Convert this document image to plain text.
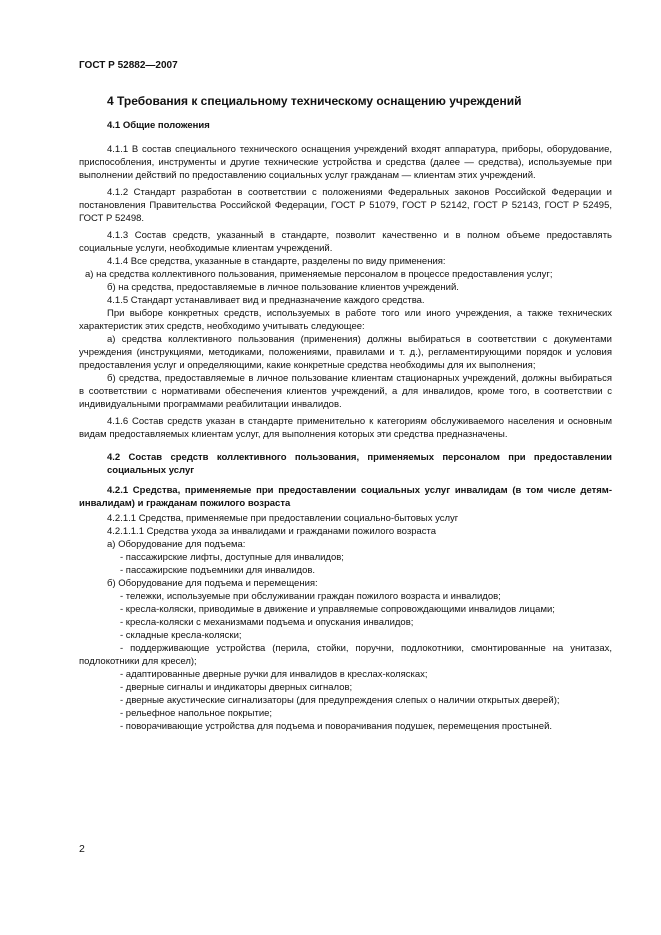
ГОСТ Р 52882—2007
4 Требования к специальному техническому оснащению учреждений
4.1 Общие положения

4.1.1 В состав специального технического оснащения учреждений входят аппаратура, приборы, оборудование, приспособления, инструменты и другие технические устройства и средства (далее — средства), используемые при выполнении действий по предоставлению социальных услуг гражданам — клиентам этих учреждений.

4.1.2 Стандарт разработан в соответствии с положениями Федеральных законов Российской Федерации и постановления Правительства Российской Федерации, ГОСТ Р 51079, ГОСТ Р 52142, ГОСТ Р 52143, ГОСТ Р 52495, ГОСТ Р 52498.

4.1.3 Состав средств, указанный в стандарте, позволит качественно и в полном объеме предоставлять социальные услуги, необходимые клиентам учреждений.

4.1.4 Все средства, указанные в стандарте, разделены по виду применения:

а) на средства коллективного пользования, применяемые персоналом в процессе предоставления услуг;

б) на средства, предоставляемые в личное пользование клиентов учреждений.

4.1.5 Стандарт устанавливает вид и предназначение каждого средства.

При выборе конкретных средств, используемых в работе того или иного учреждения, а также технических характеристик этих средств, необходимо учитывать следующее:

а) средства коллективного пользования (применения) должны выбираться в соответствии с документами учреждения (инструкциями, методиками, положениями, правилами и т. д.), регламентирующими порядок и условия предоставления услуг и определяющими, какие конкретные средства необходимы для их выполнения;

б) средства, предоставляемые в личное пользование клиентам стационарных учреждений, должны выбираться в соответствии с нормативами обеспечения клиентов учреждений, а для инвалидов, кроме того, в соответствии с индивидуальными программами реабилитации инвалидов.

4.1.6 Состав средств указан в стандарте применительно к категориям обслуживаемого населения и основным видам предоставляемых клиентам услуг, для выполнения которых эти средства предназначены.

4.2 Состав средств коллективного пользования, применяемых персоналом при предоставлении социальных услуг
4.2.1 Средства, применяемые при предоставлении социальных услуг инвалидам (в том числе детям-инвалидам) и гражданам пожилого возраста

4.2.1.1 Средства, применяемые при предоставлении социально-бытовых услуг

4.2.1.1.1 Средства ухода за инвалидами и гражданами пожилого возраста

а) Оборудование для подъема:

- пассажирские лифты, доступные для инвалидов;

- пассажирские подъемники для инвалидов.

б) Оборудование для подъема и перемещения:

- тележки, используемые при обслуживании граждан пожилого возраста и инвалидов;

- кресла-коляски, приводимые в движение и управляемые сопровождающими инвалидов лицами;

- кресла-коляски с механизмами подъема и опускания инвалидов;

- складные кресла-коляски;

- поддерживающие устройства (перила, стойки, поручни, подлокотники, смонтированные на унитазах, подлокотники для кресел);

- адаптированные дверные ручки для инвалидов в креслах-колясках;

- дверные сигналы и индикаторы дверных сигналов;

- дверные акустические сигнализаторы (для предупреждения слепых о наличии открытых дверей);

- рельефное напольное покрытие;

- поворачивающие устройства для подъема и поворачивания подушек, перемещения простыней.

2
